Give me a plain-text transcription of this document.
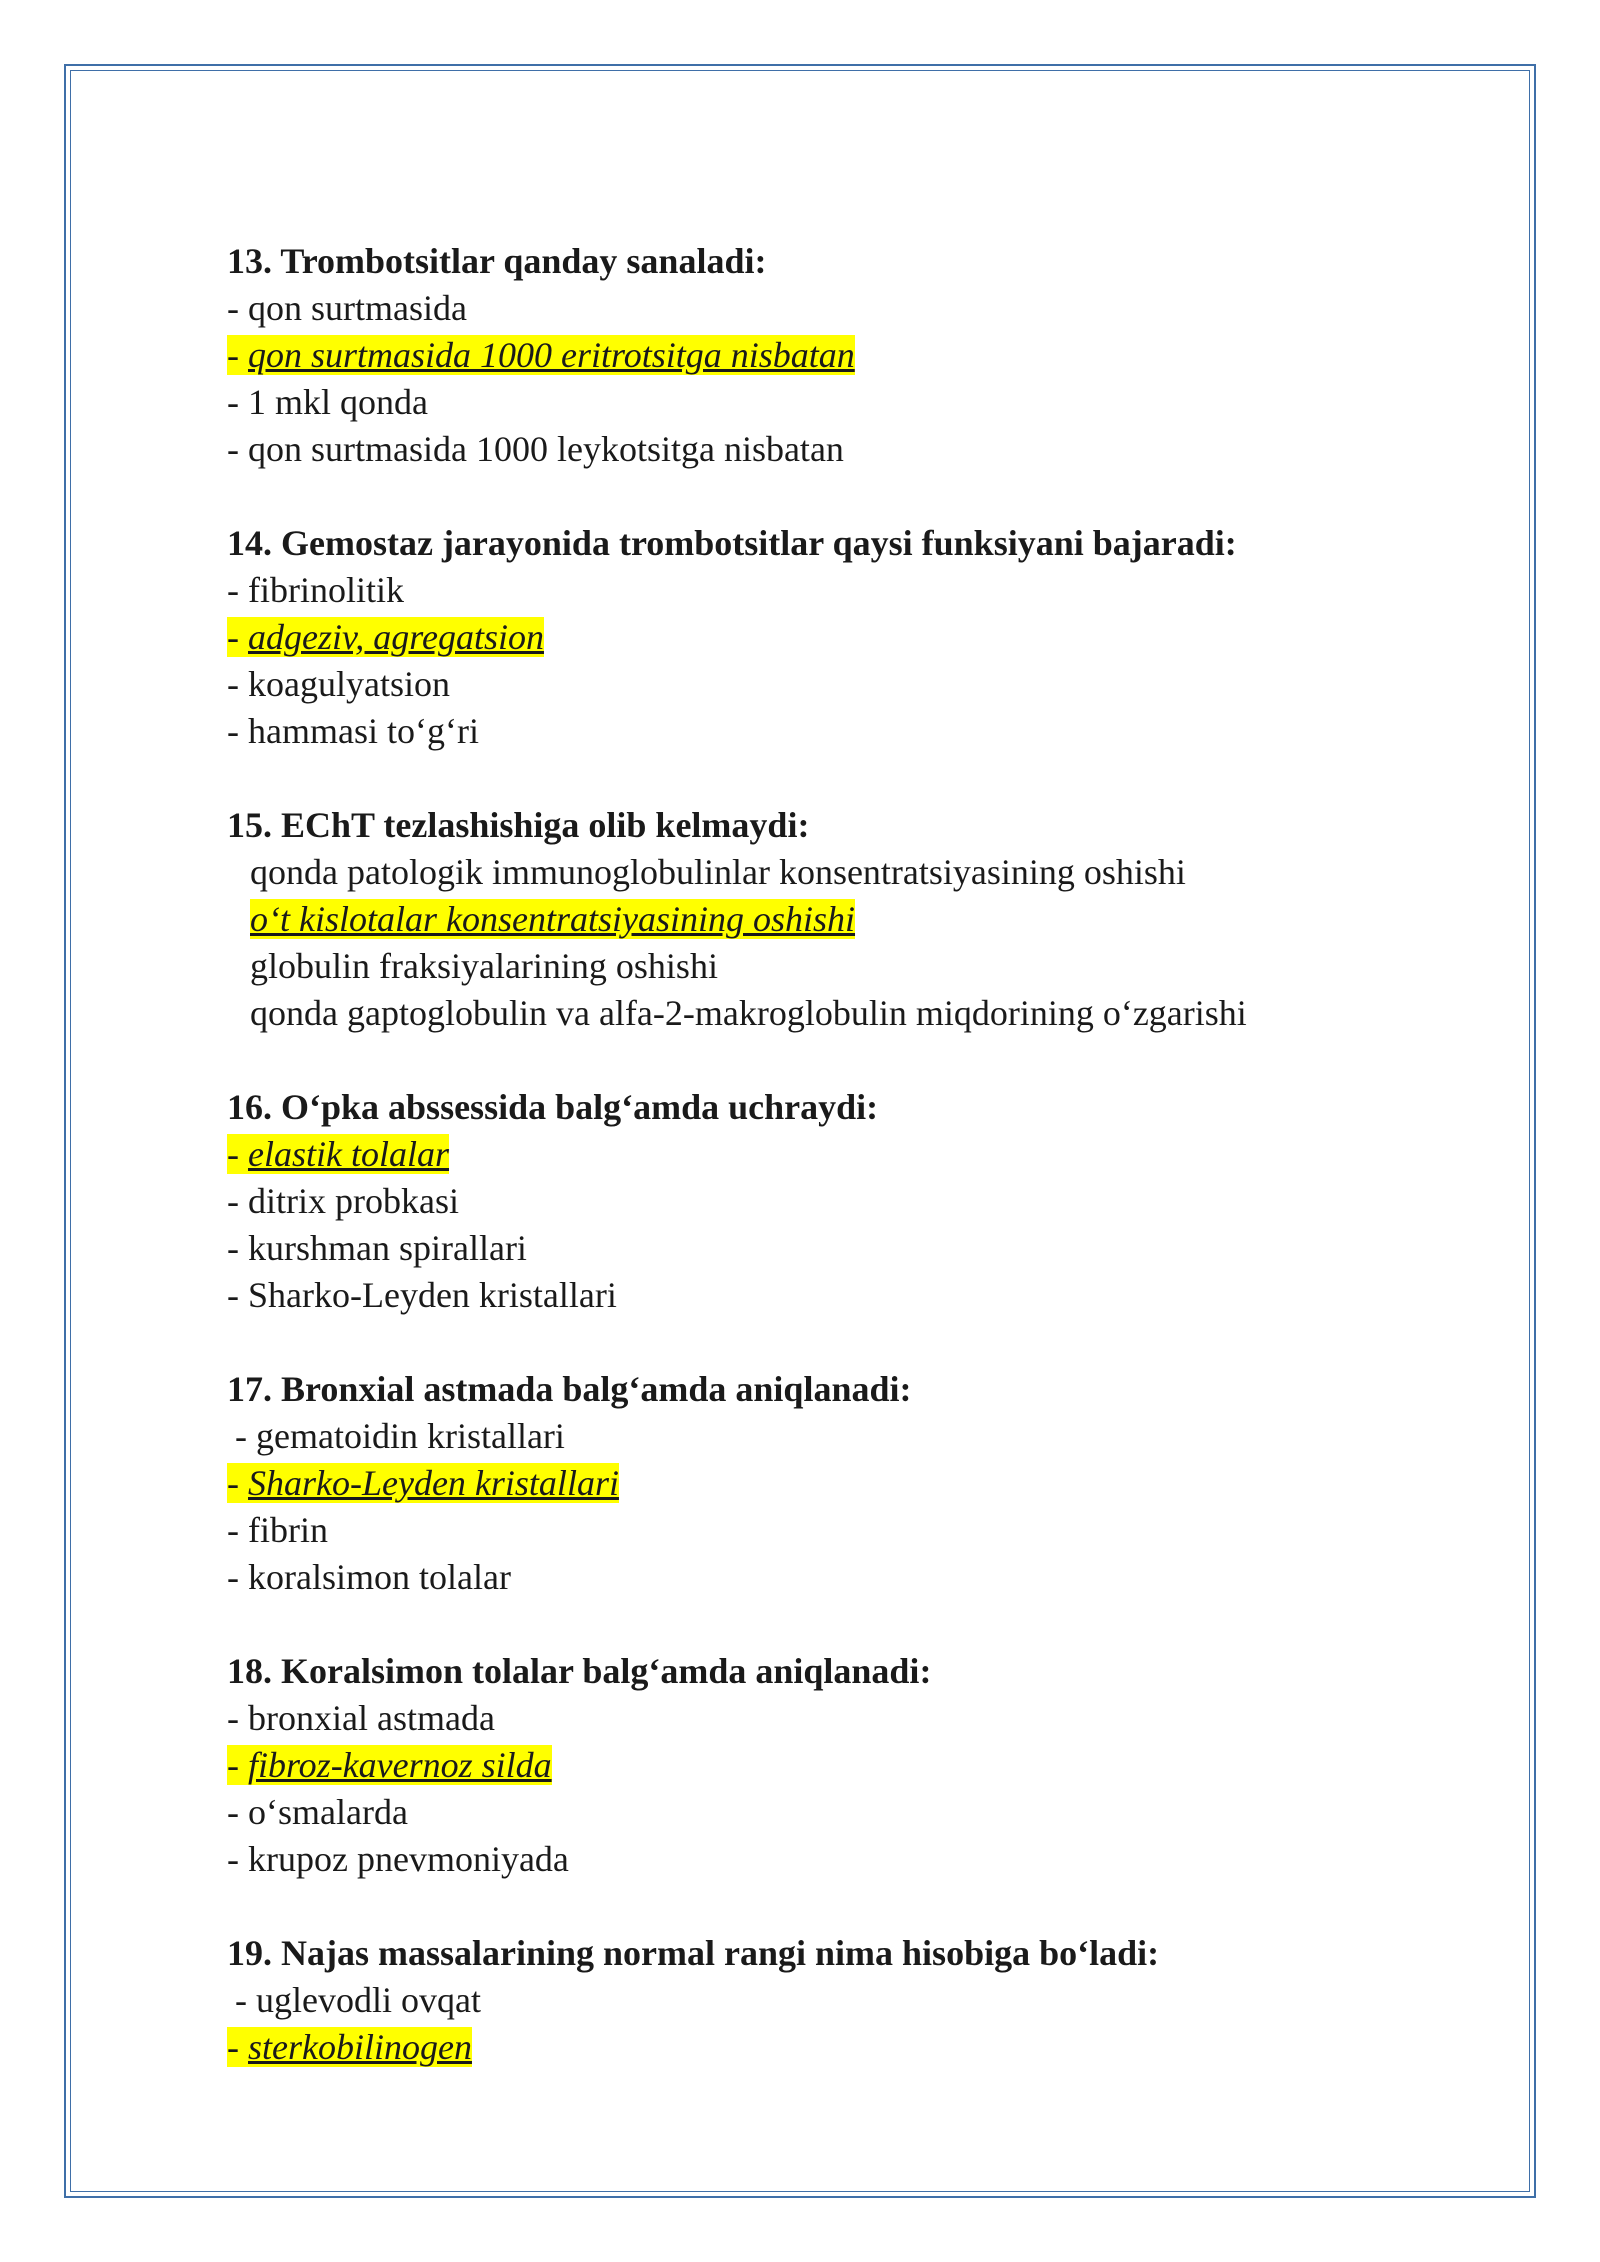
13. Trombotsitlar qanday sanaladi:
- qon surtmasida
- qon surtmasida 1000 eritrotsitga nisbatan
- 1 mkl qonda
- qon surtmasida 1000 leykotsitga nisbatan
14. Gemostaz jarayonida trombotsitlar qaysi funksiyani bajaradi:
- fibrinolitik
- adgeziv, agregatsion
- koagulyatsion
- hammasi to‘g‘ri
15. EChT tezlashishiga olib kelmaydi:
qonda patologik immunoglobulinlar konsentratsiyasining oshishi
o‘t kislotalar konsentratsiyasining oshishi
globulin fraksiyalarining oshishi
qonda gaptoglobulin va alfa-2-makroglobulin miqdorining o‘zgarishi
16. O‘pka abssessida balg‘amda uchraydi:
- elastik tolalar
- ditrix probkasi
- kurshman spirallari
- Sharko-Leyden kristallari
17. Bronxial astmada balg‘amda aniqlanadi:
- gematoidin kristallari
- Sharko-Leyden kristallari
- fibrin
- koralsimon tolalar
18. Koralsimon tolalar balg‘amda aniqlanadi:
- bronxial astmada
- fibroz-kavernoz silda
- o‘smalarda
- krupoz pnevmoniyada
19. Najas massalarining normal rangi nima hisobiga bo‘ladi:
- uglevodli ovqat
- sterkobilinogen
